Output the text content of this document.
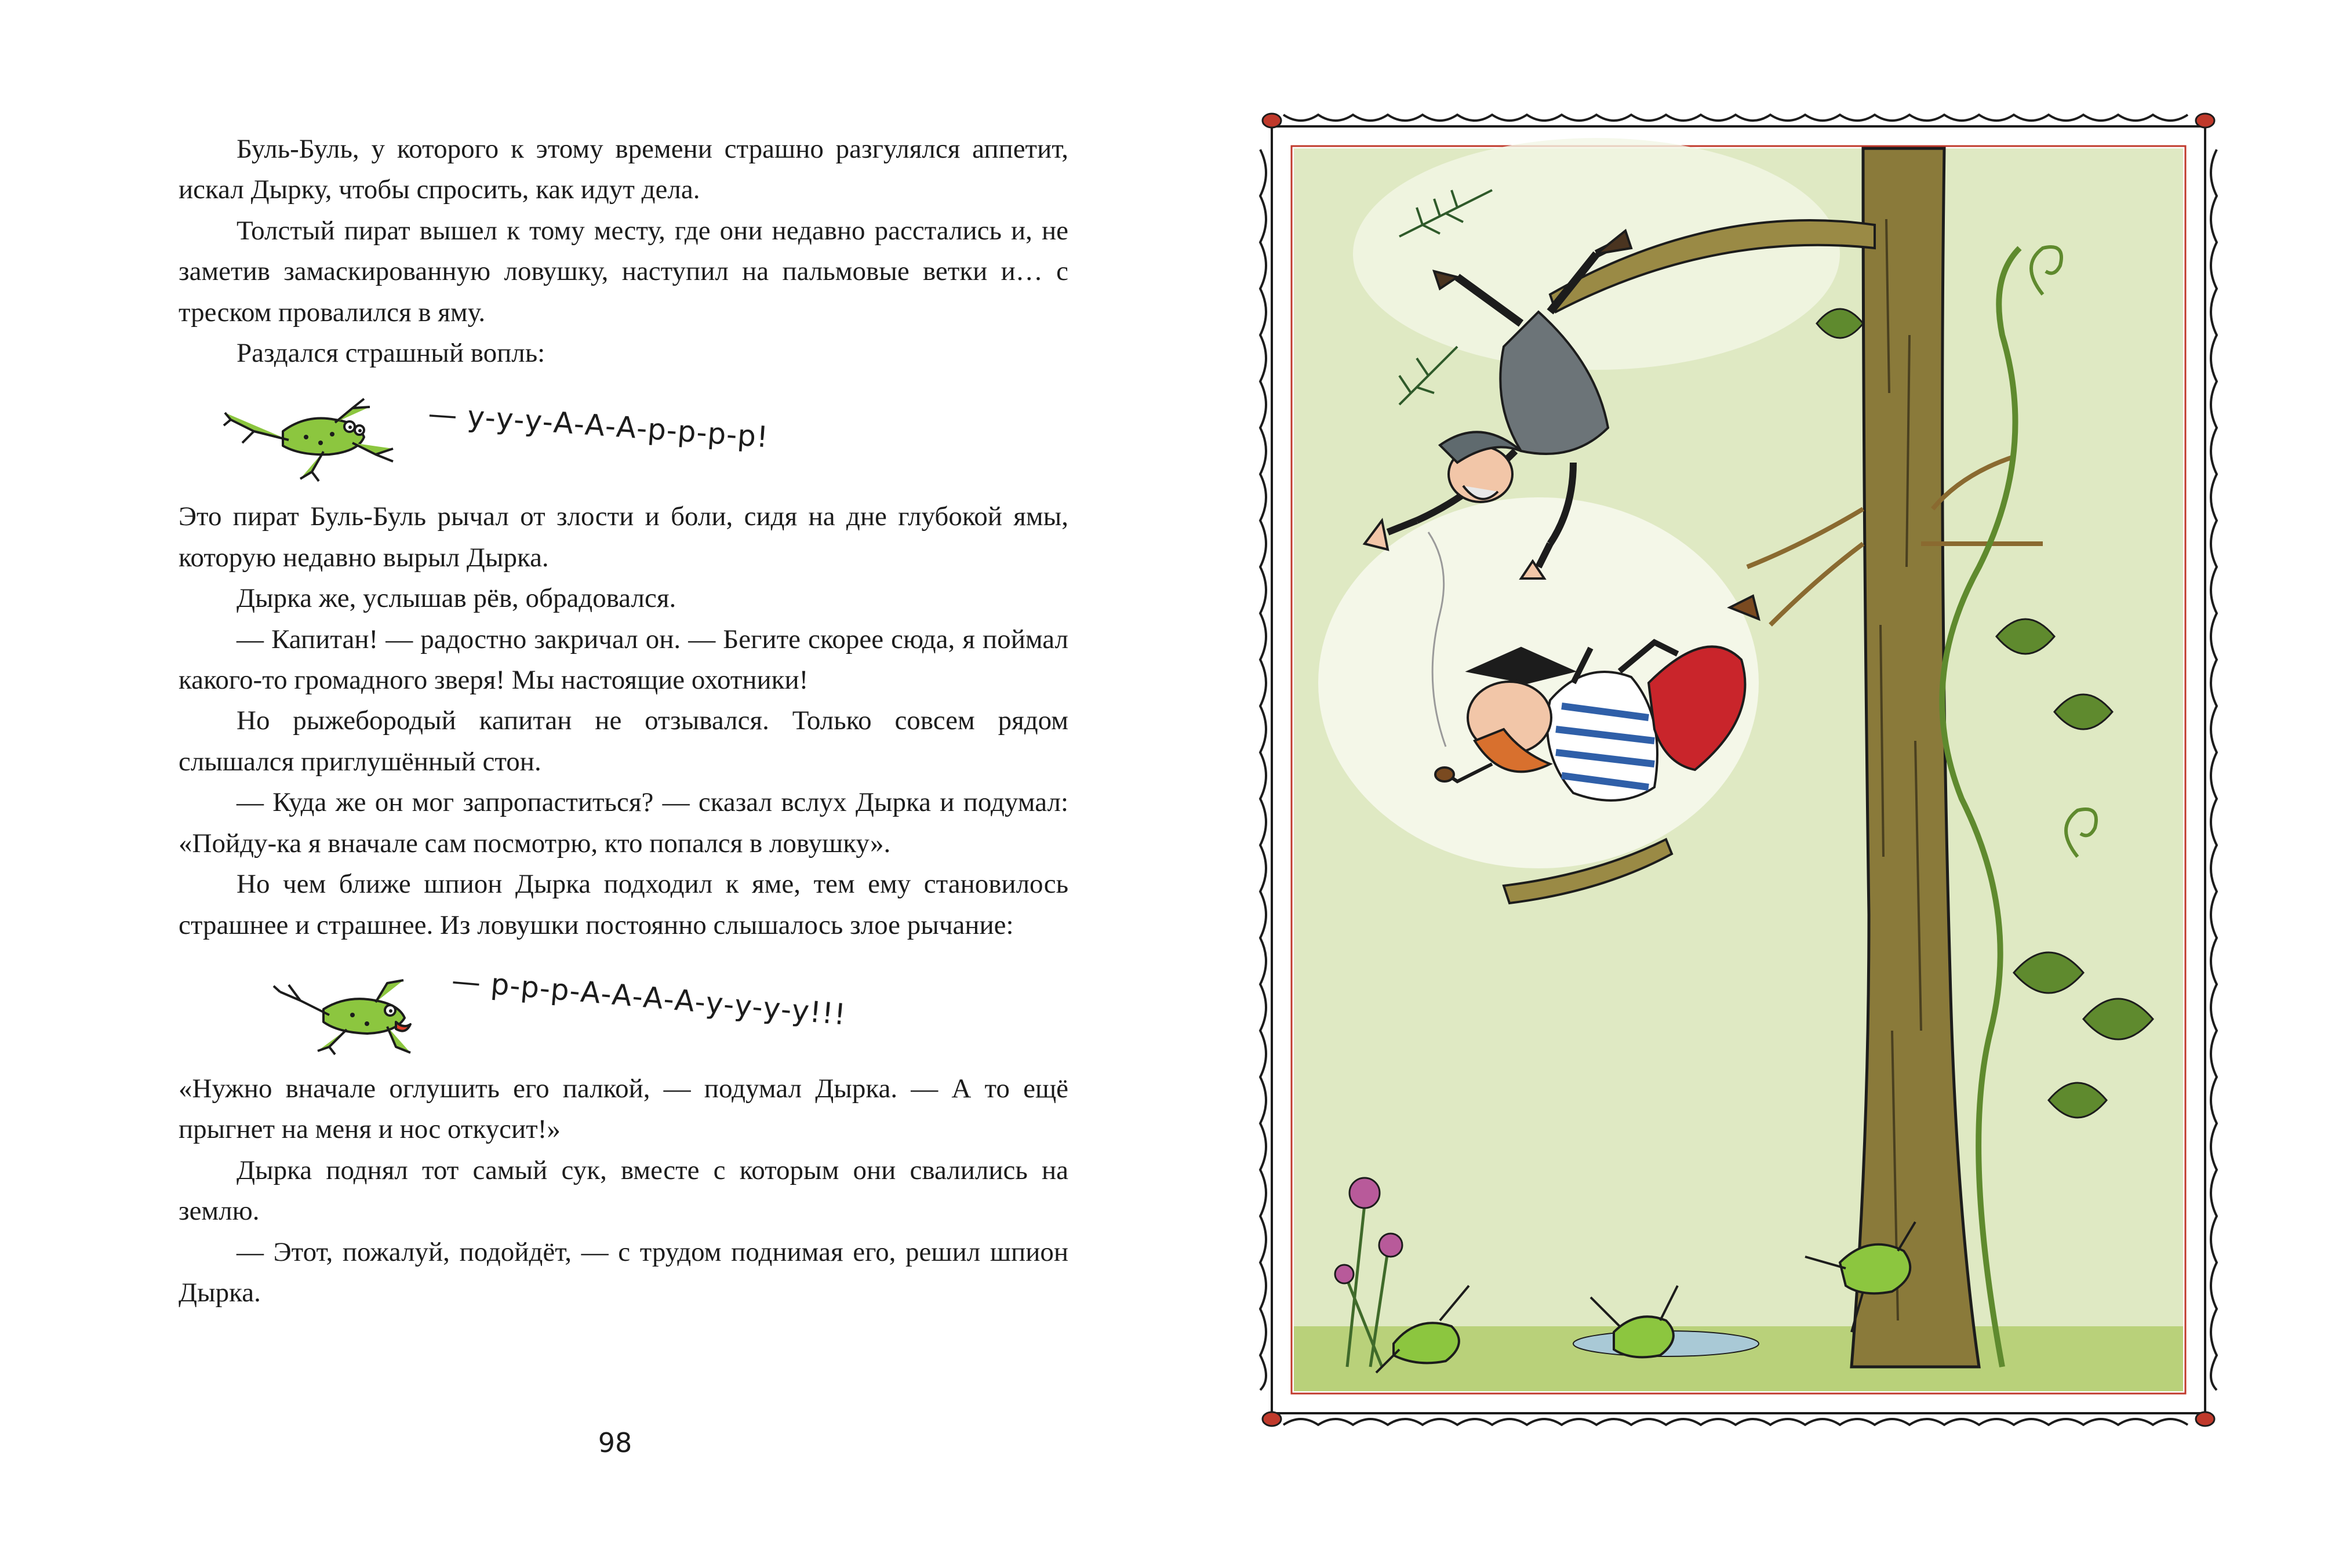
Буль-Буль, у которого к этому времени страшно разгулялся аппетит, искал Дырку, чтобы спросить, как идут дела.

Толстый пират вышел к тому месту, где они недавно расстались и, не заметив замаскированную ловушку, наступил на пальмовые ветки и… с треском провалился в яму.

Раздался страшный вопль:

— у-у-у-А-А-А-р-р-р-р!

Это пират Буль-Буль рычал от злости и боли, сидя на дне глубокой ямы, которую недавно вырыл Дырка.

Дырка же, услышав рёв, обрадовался.

— Капитан! — радостно закричал он. — Бегите скорее сюда, я поймал какого-то громадного зверя! Мы настоящие охотники!

Но рыжебородый капитан не отзывался. Только совсем рядом слышался приглушённый стон.

— Куда же он мог запропаститься? — сказал вслух Дырка и подумал: «Пойду-ка я вначале сам посмотрю, кто попался в ловушку».

Но чем ближе шпион Дырка подходил к яме, тем ему становилось страшнее и страшнее. Из ловушки постоянно слышалось злое рычание:

— р-р-р-А-А-А-А-у-у-у-у!!!

«Нужно вначале оглушить его палкой, — подумал Дырка. — А то ещё прыгнет на меня и нос откусит!»

Дырка поднял тот самый сук, вместе с которым они свалились на землю.

— Этот, пожалуй, подойдёт, — с трудом поднимая его, решил шпион Дырка.

98
